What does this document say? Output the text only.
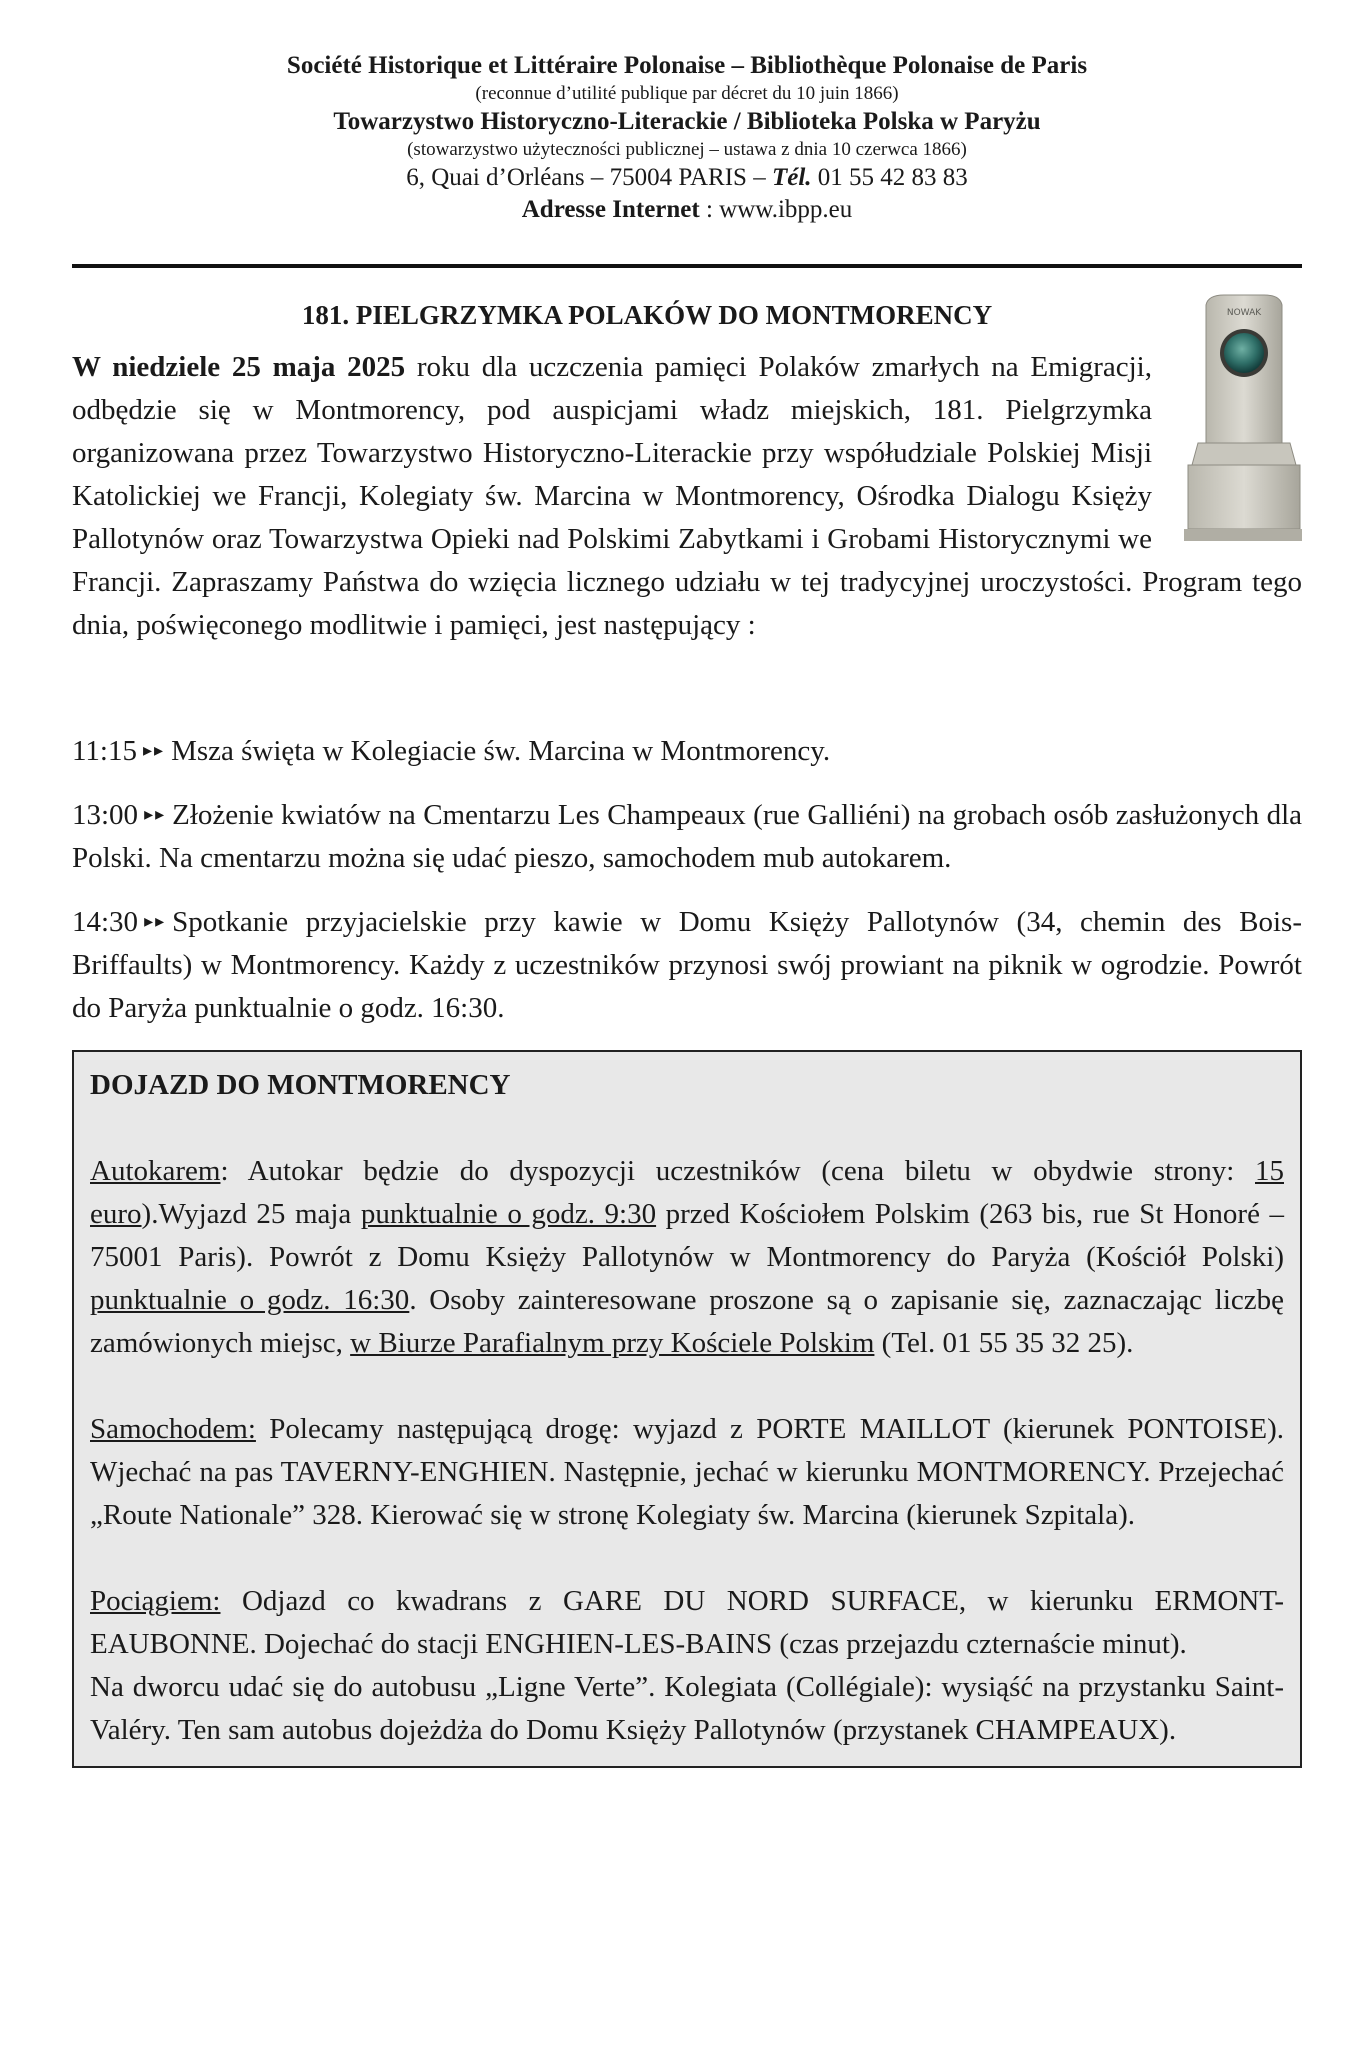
Société Historique et Littéraire Polonaise – Bibliothèque Polonaise de Paris
(reconnue d’utilité publique par décret du 10 juin 1866)
Towarzystwo Historyczno-Literackie / Biblioteka Polska w Paryżu
(stowarzystwo użyteczności publicznej – ustawa z dnia 10 czerwca 1866)
6, Quai d’Orléans – 75004 PARIS – Tél. 01 55 42 83 83
Adresse Internet : www.ibpp.eu
181. PIELGRZYMKA POLAKÓW DO MONTMORENCY	NOWAK

W niedziele 25 maja 2025 roku dla uczczenia pamięci Polaków zmarłych na Emigracji, odbędzie się w Montmorency, pod auspicjami władz miejskich, 181. Pielgrzymka organizowana przez Towarzystwo Historyczno-Literackie przy współudziale Polskiej Misji Katolickiej we Francji, Kolegiaty św. Marcina w Montmorency, Ośrodka Dialogu Księży Pallotynów oraz Towarzystwa Opieki nad Polskimi Zabytkami i Grobami Historycznymi we Francji. Zapraszamy Państwa do wzięcia licznego udziału w tej tradycyjnej uroczystości. Program tego dnia, poświęconego modlitwie i pamięci, jest następujący :

11:15 ▸▸ Msza święta w Kolegiacie św. Marcina w Montmorency.

13:00 ▸▸ Złożenie kwiatów na Cmentarzu Les Champeaux (rue Galliéni) na grobach osób zasłużonych dla Polski. Na cmentarzu można się udać pieszo, samochodem mub autokarem.

14:30 ▸▸ Spotkanie przyjacielskie przy kawie w Domu Księży Pallotynów (34, chemin des Bois-Briffaults) w Montmorency. Każdy z uczestników przynosi swój prowiant na piknik w ogrodzie. Powrót do Paryża punktualnie o godz. 16:30.

DOJAZD DO MONTMORENCY

Autokarem: Autokar będzie do dyspozycji uczestników (cena biletu w obydwie strony: 15 euro).Wyjazd 25 maja punktualnie o godz. 9:30 przed Kościołem Polskim (263 bis, rue St Honoré – 75001 Paris). Powrót z Domu Księży Pallotynów w Montmorency do Paryża (Kościół Polski) punktualnie o godz. 16:30. Osoby zainteresowane proszone są o zapisanie się, zaznaczając liczbę zamówionych miejsc, w Biurze Parafialnym przy Kościele Polskim (Tel. 01 55 35 32 25).

Samochodem: Polecamy następującą drogę: wyjazd z PORTE MAILLOT (kierunek PONTOISE). Wjechać na pas TAVERNY-ENGHIEN. Następnie, jechać w kierunku MONTMORENCY. Przejechać „Route Nationale” 328. Kierować się w stronę Kolegiaty św. Marcina (kierunek Szpitala).

Pociągiem: Odjazd co kwadrans z GARE DU NORD SURFACE, w kierunku ERMONT-EAUBONNE. Dojechać do stacji ENGHIEN-LES-BAINS (czas przejazdu czternaście minut).

Na dworcu udać się do autobusu „Ligne Verte”. Kolegiata (Collégiale): wysiąść na przystanku Saint-Valéry. Ten sam autobus dojeżdża do Domu Księży Pallotynów (przystanek CHAMPEAUX).
